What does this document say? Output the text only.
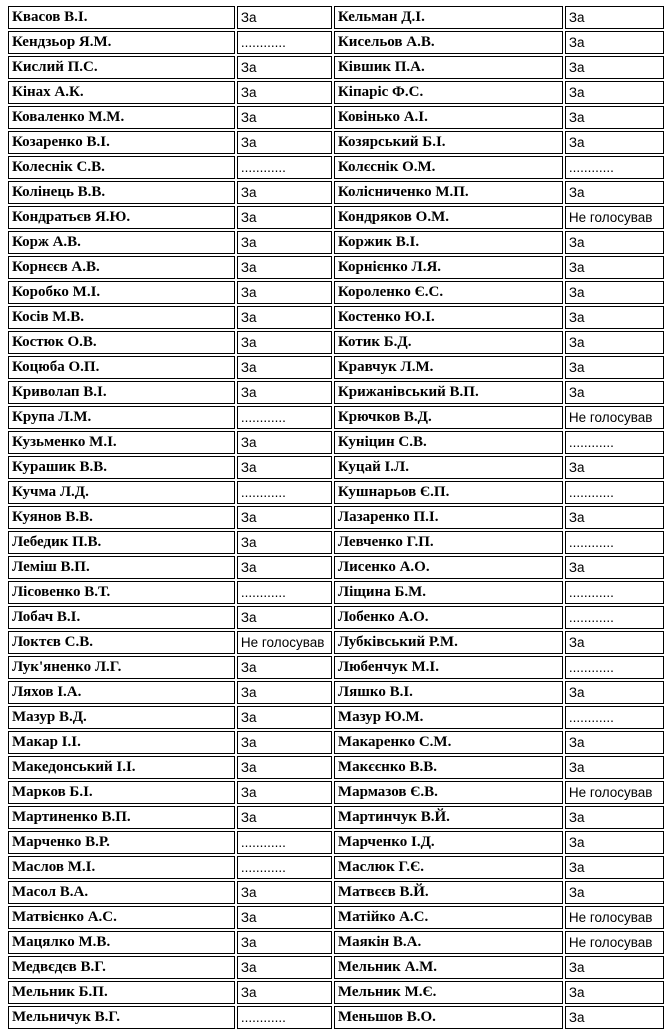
Квасов В.І.	За	Кельман Д.І.	За
Кендзьор Я.М.	............	Кисельов А.В.	За
Кислий П.С.	За	Ківшик П.А.	За
Кінах А.К.	За	Кіпаріс Ф.С.	За
Коваленко М.М.	За	Ковінько А.І.	За
Козаренко В.І.	За	Козярський Б.І.	За
Колеснік С.В.	............	Колєснік О.М.	............
Колінець В.В.	За	Колісниченко М.П.	За
Кондратьєв Я.Ю.	За	Кондряков О.М.	Не голосував
Корж А.В.	За	Коржик В.І.	За
Корнєєв А.В.	За	Корнієнко Л.Я.	За
Коробко М.І.	За	Короленко Є.С.	За
Косів М.В.	За	Костенко Ю.І.	За
Костюк О.В.	За	Котик Б.Д.	За
Коцюба О.П.	За	Кравчук Л.М.	За
Криволап В.І.	За	Крижанівський В.П.	За
Крупа Л.М.	............	Крючков В.Д.	Не голосував
Кузьменко М.І.	За	Куніцин С.В.	............
Курашик В.В.	За	Куцай І.Л.	За
Кучма Л.Д.	............	Кушнарьов Є.П.	............
Куянов В.В.	За	Лазаренко П.І.	За
Лебедик П.В.	За	Левченко Г.П.	............
Леміш В.П.	За	Лисенко А.О.	За
Лісовенко В.Т.	............	Ліщина Б.М.	............
Лобач В.І.	За	Лобенко А.О.	............
Локтєв С.В.	Не голосував	Лубківський Р.М.	За
Лук'яненко Л.Г.	За	Любенчук М.І.	............
Ляхов І.А.	За	Ляшко В.І.	За
Мазур В.Д.	За	Мазур Ю.М.	............
Макар І.І.	За	Макаренко С.М.	За
Македонський І.І.	За	Макєєнко В.В.	За
Марков Б.І.	За	Мармазов Є.В.	Не голосував
Мартиненко В.П.	За	Мартинчук В.Й.	За
Марченко В.Р.	............	Марченко І.Д.	За
Маслов М.І.	............	Маслюк Г.Є.	За
Масол В.А.	За	Матвєєв В.Й.	За
Матвієнко А.С.	За	Матійко А.С.	Не голосував
Мацялко М.В.	За	Маякін В.А.	Не голосував
Медвєдєв В.Г.	За	Мельник А.М.	За
Мельник Б.П.	За	Мельник М.Є.	За
Мельничук В.Г.	............	Меньшов В.О.	За
